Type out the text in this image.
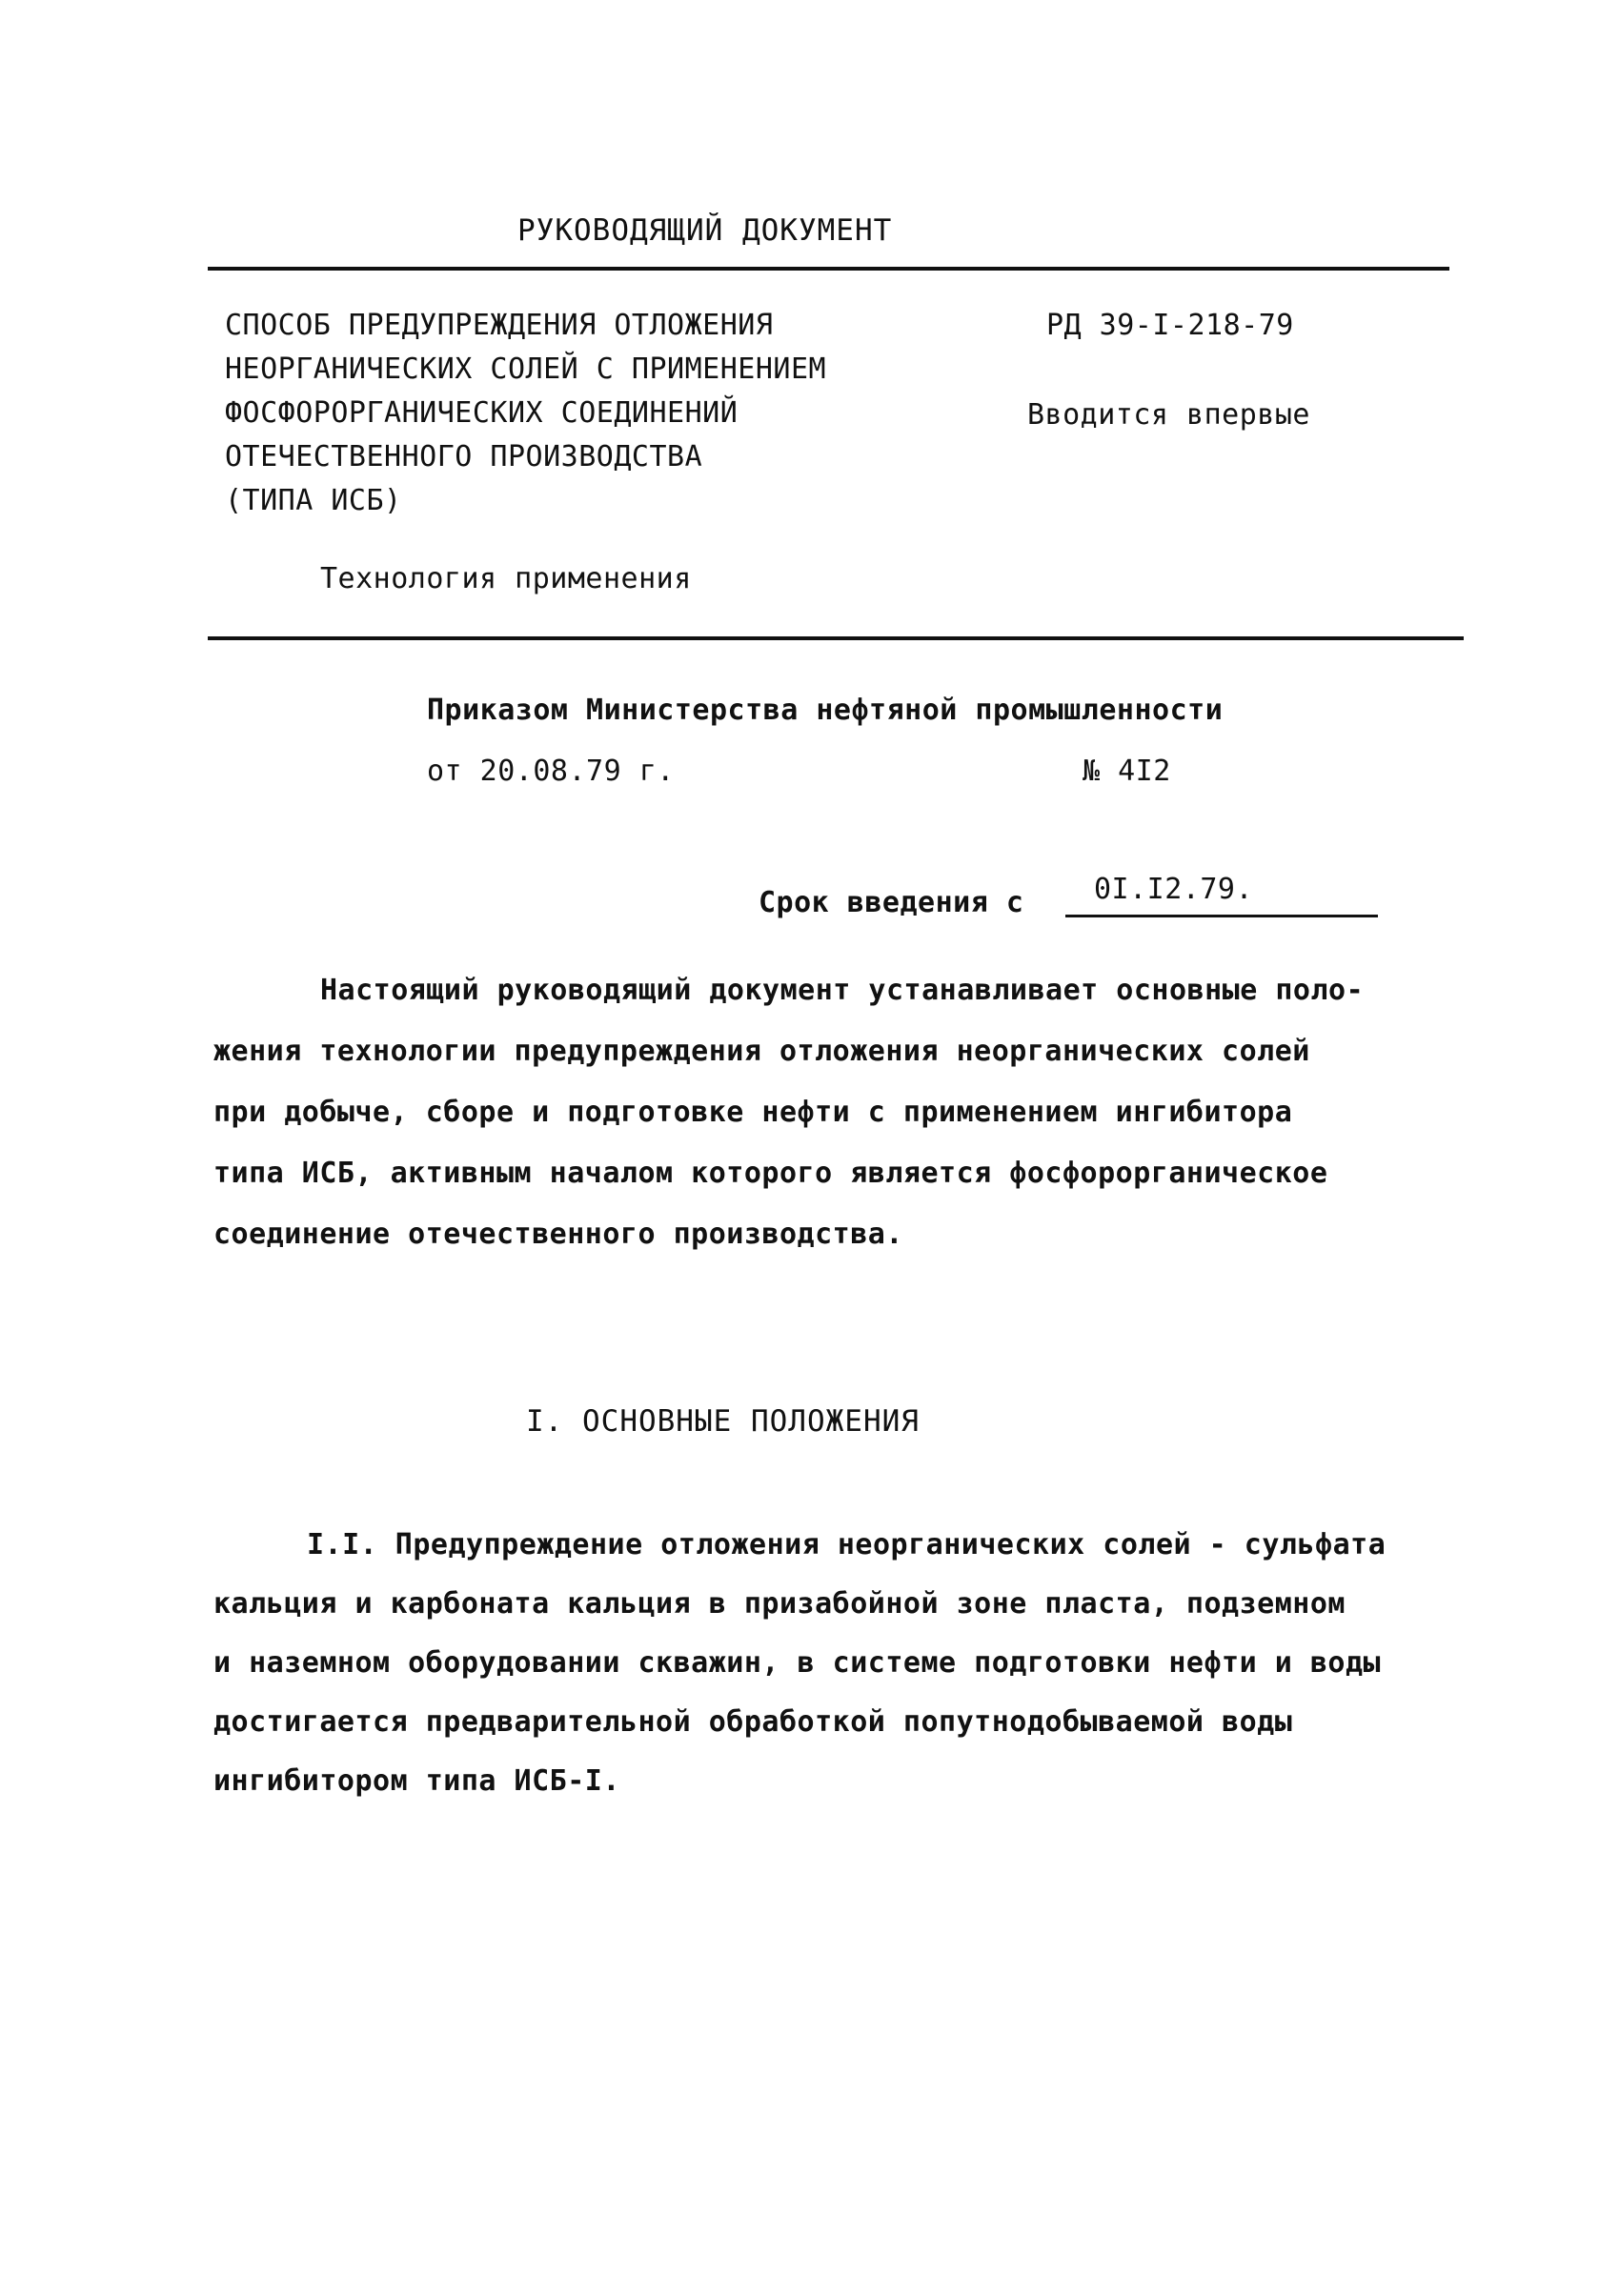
РУКОВОДЯЩИЙ ДОКУМЕНТ
СПОСОБ ПРЕДУПРЕЖДЕНИЯ ОТЛОЖЕНИЯ
НЕОРГАНИЧЕСКИХ СОЛЕЙ С ПРИМЕНЕНИЕМ
ФОСФОРОРГАНИЧЕСКИХ СОЕДИНЕНИЙ
ОТЕЧЕСТВЕННОГО ПРОИЗВОДСТВА
(ТИПА ИСБ)
Технология применения
РД 39-I-218-79
Вводится впервые
Приказом Министерства нефтяной промышленности
от 20.08.79 г.	№ 4I2
Срок введения с 0I.I2.79.
Настоящий руководящий документ устанавливает основные поло-
жения технологии предупреждения отложения неорганических солей
при добыче, сборе и подготовке нефти с применением ингибитора
типа ИСБ, активным началом которого является фосфорорганическое
соединение отечественного производства.
I. ОСНОВНЫЕ ПОЛОЖЕНИЯ
I.I. Предупреждение отложения неорганических солей - сульфата
кальция и карбоната кальция в призабойной зоне пласта, подземном
и наземном оборудовании скважин, в системе подготовки нефти и воды
достигается предварительной обработкой попутнодобываемой воды
ингибитором типа ИСБ-I.
